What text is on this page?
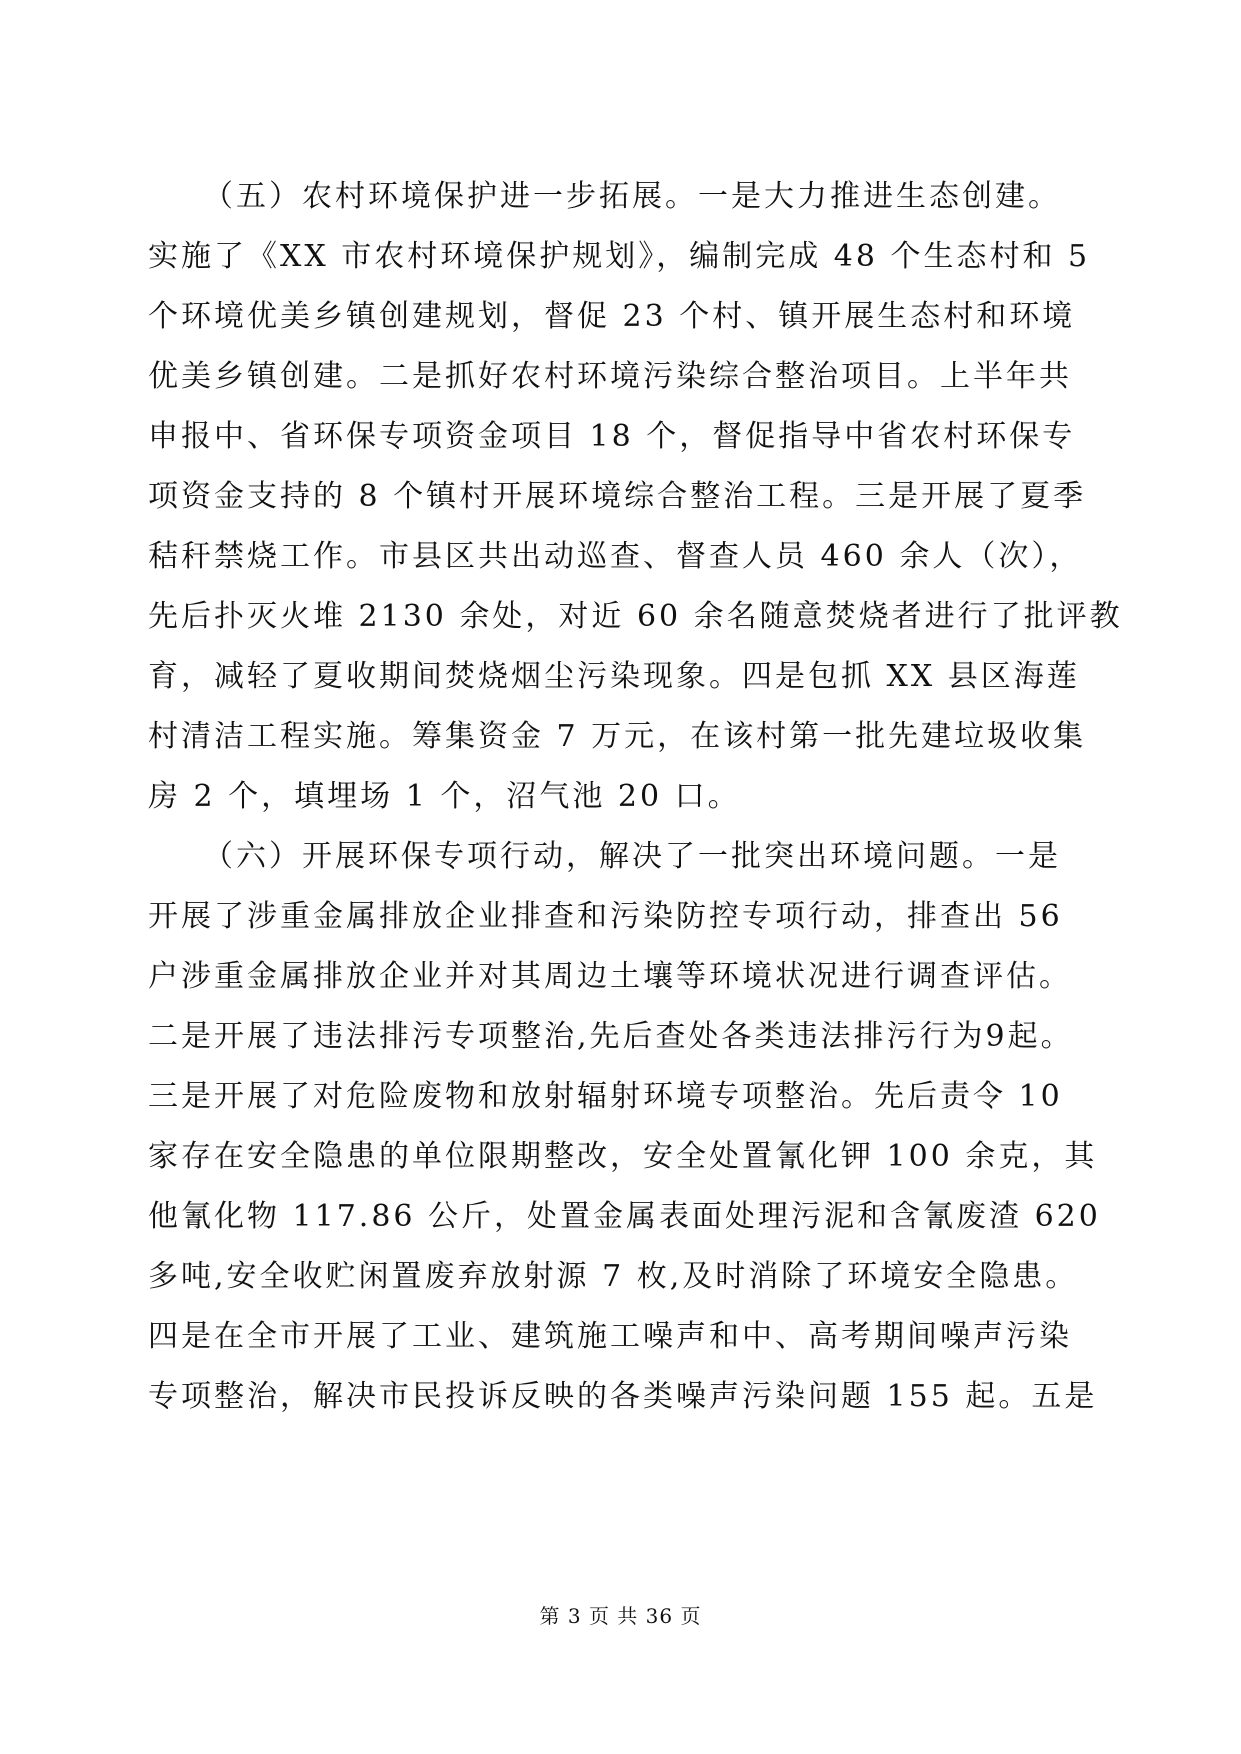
（五）农村环境保护进一步拓展。一是大力推进生态创建。
实施了《XX 市农村环境保护规划》，编制完成 48 个生态村和 5
个环境优美乡镇创建规划，督促 23 个村、镇开展生态村和环境
优美乡镇创建。二是抓好农村环境污染综合整治项目。上半年共
申报中、省环保专项资金项目 18 个，督促指导中省农村环保专
项资金支持的 8 个镇村开展环境综合整治工程。三是开展了夏季
秸秆禁烧工作。市县区共出动巡查、督查人员 460 余人（次），
先后扑灭火堆 2130 余处，对近 60 余名随意焚烧者进行了批评教
育，减轻了夏收期间焚烧烟尘污染现象。四是包抓 XX 县区海莲
村清洁工程实施。筹集资金 7 万元，在该村第一批先建垃圾收集
房 2 个，填埋场 1 个，沼气池 20 口。
（六）开展环保专项行动，解决了一批突出环境问题。一是
开展了涉重金属排放企业排查和污染防控专项行动，排查出 56
户涉重金属排放企业并对其周边土壤等环境状况进行调查评估。
二是开展了违法排污专项整治,先后查处各类违法排污行为9起。
三是开展了对危险废物和放射辐射环境专项整治。先后责令 10
家存在安全隐患的单位限期整改，安全处置氰化钾 100 余克，其
他氰化物 117.86 公斤，处置金属表面处理污泥和含氰废渣 620
多吨,安全收贮闲置废弃放射源 7 枚,及时消除了环境安全隐患。
四是在全市开展了工业、建筑施工噪声和中、高考期间噪声污染
专项整治，解决市民投诉反映的各类噪声污染问题 155 起。五是
第 3 页 共 36 页
